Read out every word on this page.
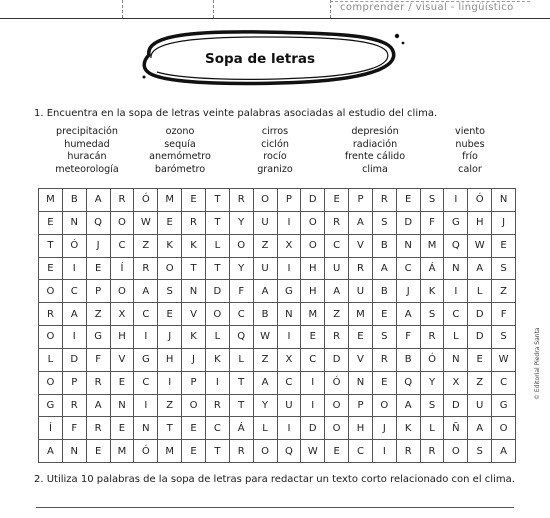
comprender / visual - lingüístico
Sopa de letras
1. Encuentra en la sopa de letras veinte palabras asociadas al estudio del clima.
precipitación	ozono	cirros	depresión	viento
humedad	sequía	ciclón	radiación	nubes
huracán	anemómetro	rocío	frente cálido	frío
meteorología	barómetro	granizo	clima	calor
M	B	A	R	Ó	M	E	T	R	O	P	D	E	P	R	E	S	I	Ó	N
E	N	Q	O	W	E	R	T	Y	U	I	O	R	A	S	D	F	G	H	J
T	Ó	J	C	Z	K	K	L	O	Z	X	O	C	V	B	N	M	Q	W	E
E	I	E	Í	R	O	T	T	Y	U	I	H	U	R	A	C	Á	N	A	S
O	C	P	O	A	S	N	D	F	A	G	H	A	U	B	J	K	I	L	Z
R	A	Z	X	C	E	V	O	C	B	N	M	Z	M	E	A	S	C	D	F
O	I	G	H	I	J	K	L	Q	W	I	E	R	E	S	F	R	L	D	S
L	D	F	V	G	H	J	K	L	Z	X	C	D	V	R	B	Ó	N	E	W
O	P	R	E	C	I	P	I	T	A	C	I	Ó	N	E	Q	Y	X	Z	C
G	R	A	N	I	Z	O	R	T	Y	U	I	O	P	O	A	S	D	U	G
Í	F	R	E	N	T	E	C	Á	L	I	D	O	H	J	K	L	Ñ	A	O
A	N	E	M	Ó	M	E	T	R	O	Q	W	E	C	I	R	R	O	S	A
2. Utiliza 10 palabras de la sopa de letras para redactar un texto corto relacionado con el clima.
© Editorial Piedra Santa
